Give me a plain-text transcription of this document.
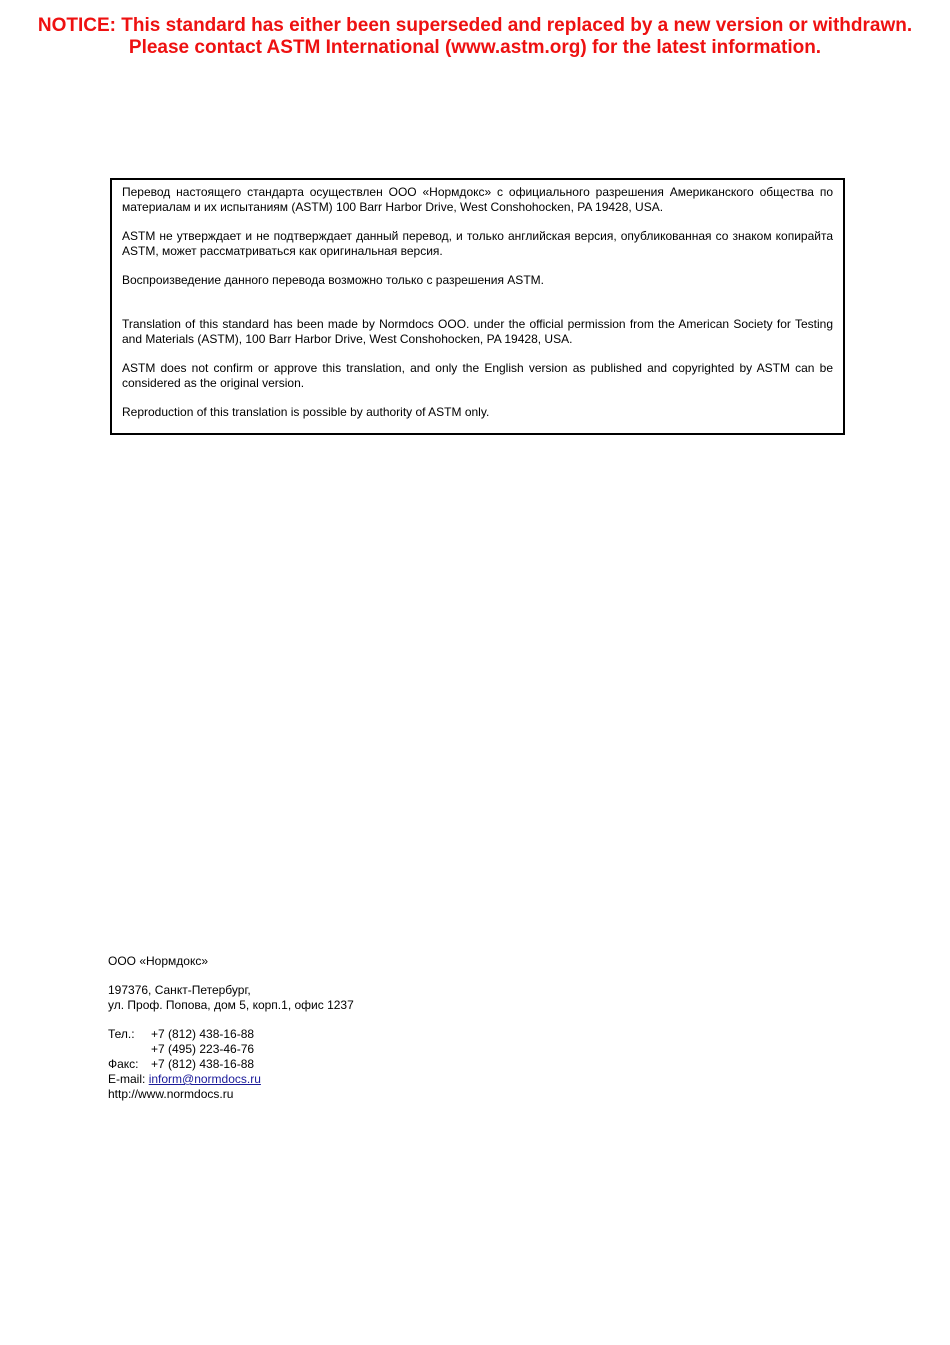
NOTICE: This standard has either been superseded and replaced by a new version or withdrawn.
Please contact ASTM International (www.astm.org) for the latest information.

Перевод настоящего стандарта осуществлен ООО «Нормдокс» с официального разрешения Американского общества по материалам и их испытаниям (ASTM) 100 Barr Harbor Drive, West Conshohocken, PA 19428, USA.

ASTM не утверждает и не подтверждает данный перевод, и только английская версия, опубликованная со знаком копирайта ASTM, может рассматриваться как оригинальная версия.

Воспроизведение данного перевода возможно только с разрешения ASTM.

Translation of this standard has been made by Normdocs OOO. under the official permission from the American Society for Testing and Materials (ASTM), 100 Barr Harbor Drive, West Conshohocken, PA 19428, USA.

ASTM does not confirm or approve this translation, and only the English version as published and copyrighted by ASTM can be considered as the original version.

Reproduction of this translation is possible by authority of ASTM only.

ООО «Нормдокс»
197376, Санкт-Петербург,
ул. Проф. Попова, дом 5, корп.1, офис 1237
Тел.:	+7 (812) 438-16-88
+7 (495) 223-46-76
Факс:	+7 (812) 438-16-88
E-mail:
inform@normdocs.ru
http://www.normdocs.ru
